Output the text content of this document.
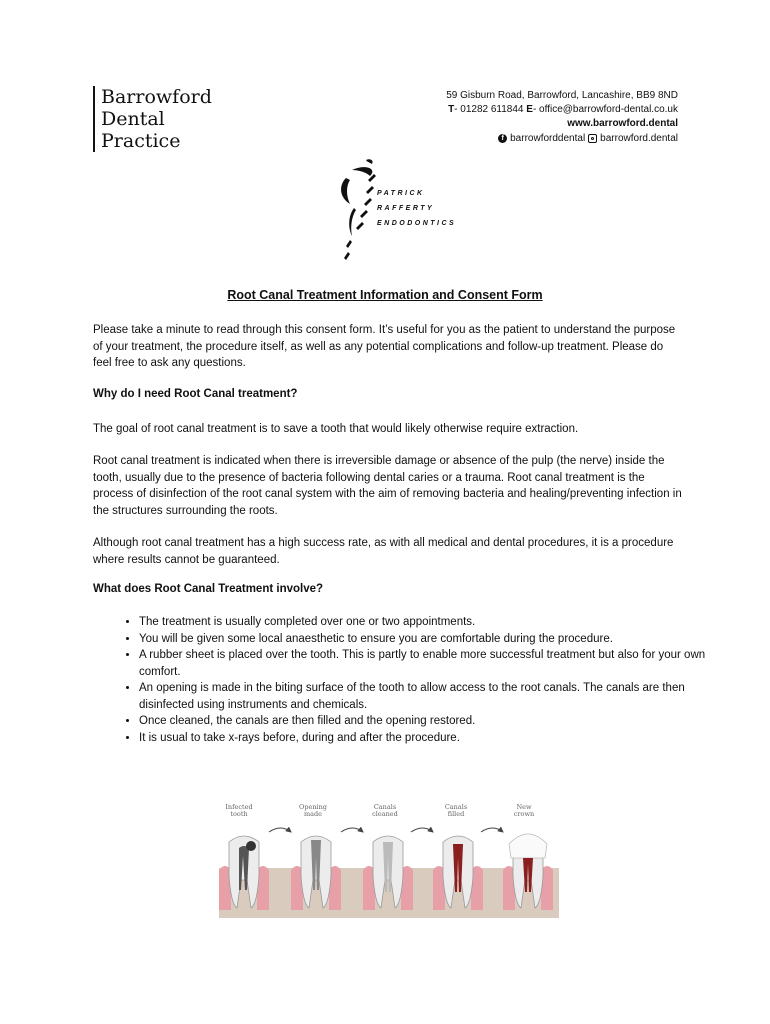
Barrowford
Dental
Practice
59 Gisburn Road, Barrowford, Lancashire, BB9 8ND
T- 01282 611844 E- office@barrowford-dental.co.uk
www.barrowford.dental
f barrowforddental barrowford.dental
PATRICK
RAFFERTY
ENDODONTICS
Root Canal Treatment Information and Consent Form

Please take a minute to read through this consent form. It’s useful for you as the patient to understand the purpose of your treatment, the procedure itself, as well as any potential complications and follow-up treatment. Please do feel free to ask any questions.

Why do I need Root Canal treatment?

The goal of root canal treatment is to save a tooth that would likely otherwise require extraction.

Root canal treatment is indicated when there is irreversible damage or absence of the pulp (the nerve) inside the tooth, usually due to the presence of bacteria following dental caries or a trauma. Root canal treatment is the process of disinfection of the root canal system with the aim of removing bacteria and healing/preventing infection in the structures surrounding the roots.

Although root canal treatment has a high success rate, as with all medical and dental procedures, it is a procedure where results cannot be guaranteed.

What does Root Canal Treatment involve?
• The treatment is usually completed over one or two appointments.
• You will be given some local anaesthetic to ensure you are comfortable during the procedure.
• A rubber sheet is placed over the tooth. This is partly to enable more successful treatment but also for your own comfort.
• An opening is made in the biting surface of the tooth to allow access to the root canals. The canals are then disinfected using instruments and chemicals.
• Once cleaned, the canals are then filled and the opening restored.
• It is usual to take x-rays before, during and after the procedure.
Infected
tooth
Opening
made
Canals
cleaned
Canals
filled
New
crown
